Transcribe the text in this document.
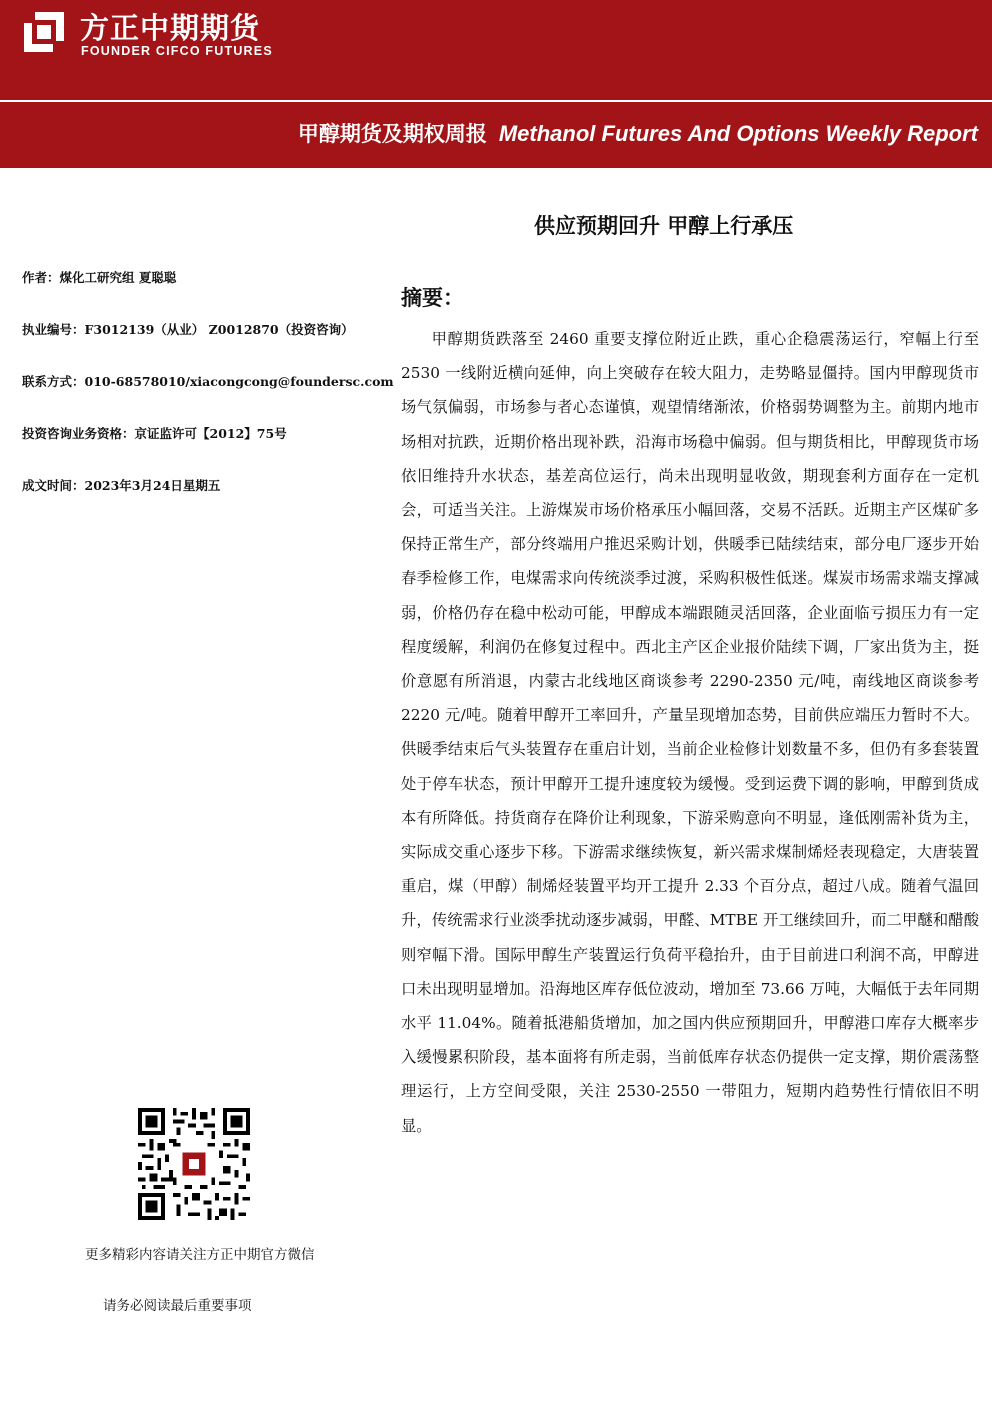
方正中期期货
FOUNDER CIFCO FUTURES
甲醇期货及期权周报 Methanol Futures And Options Weekly Report
供应预期回升 甲醇上行承压
作者：煤化工研究组 夏聪聪
执业编号：F3012139（从业） Z0012870（投资咨询）
联系方式：010-68578010/xiacongcong@foundersc.com
投资咨询业务资格：京证监许可【2012】75号
成文时间：2023年3月24日星期五
摘要：
甲醇期货跌落至 2460 重要支撑位附近止跌，重心企稳震荡运行，窄幅上行至 2530 一线附近横向延伸，向上突破存在较大阻力，走势略显僵持。国内甲醇现货市场气氛偏弱，市场参与者心态谨慎，观望情绪渐浓，价格弱势调整为主。前期内地市场相对抗跌，近期价格出现补跌，沿海市场稳中偏弱。但与期货相比，甲醇现货市场依旧维持升水状态，基差高位运行，尚未出现明显收敛，期现套利方面存在一定机会，可适当关注。上游煤炭市场价格承压小幅回落，交易不活跃。近期主产区煤矿多保持正常生产，部分终端用户推迟采购计划，供暖季已陆续结束，部分电厂逐步开始春季检修工作，电煤需求向传统淡季过渡，采购积极性低迷。煤炭市场需求端支撑减弱，价格仍存在稳中松动可能，甲醇成本端跟随灵活回落，企业面临亏损压力有一定程度缓解，利润仍在修复过程中。西北主产区企业报价陆续下调，厂家出货为主，挺价意愿有所消退，内蒙古北线地区商谈参考 2290-2350 元/吨，南线地区商谈参考 2220 元/吨。随着甲醇开工率回升，产量呈现增加态势，目前供应端压力暂时不大。供暖季结束后气头装置存在重启计划，当前企业检修计划数量不多，但仍有多套装置处于停车状态，预计甲醇开工提升速度较为缓慢。受到运费下调的影响，甲醇到货成本有所降低。持货商存在降价让利现象，下游采购意向不明显，逢低刚需补货为主，实际成交重心逐步下移。下游需求继续恢复，新兴需求煤制烯烃表现稳定，大唐装置重启，煤（甲醇）制烯烃装置平均开工提升 2.33 个百分点，超过八成。随着气温回升，传统需求行业淡季扰动逐步减弱，甲醛、MTBE 开工继续回升，而二甲醚和醋酸则窄幅下滑。国际甲醇生产装置运行负荷平稳抬升，由于目前进口利润不高，甲醇进口未出现明显增加。沿海地区库存低位波动，增加至 73.66 万吨，大幅低于去年同期水平 11.04%。随着抵港船货增加，加之国内供应预期回升，甲醇港口库存大概率步入缓慢累积阶段，基本面将有所走弱，当前低库存状态仍提供一定支撑，期价震荡整理运行，上方空间受限，关注 2530-2550 一带阻力，短期内趋势性行情依旧不明显。
更多精彩内容请关注方正中期官方微信
请务必阅读最后重要事项
